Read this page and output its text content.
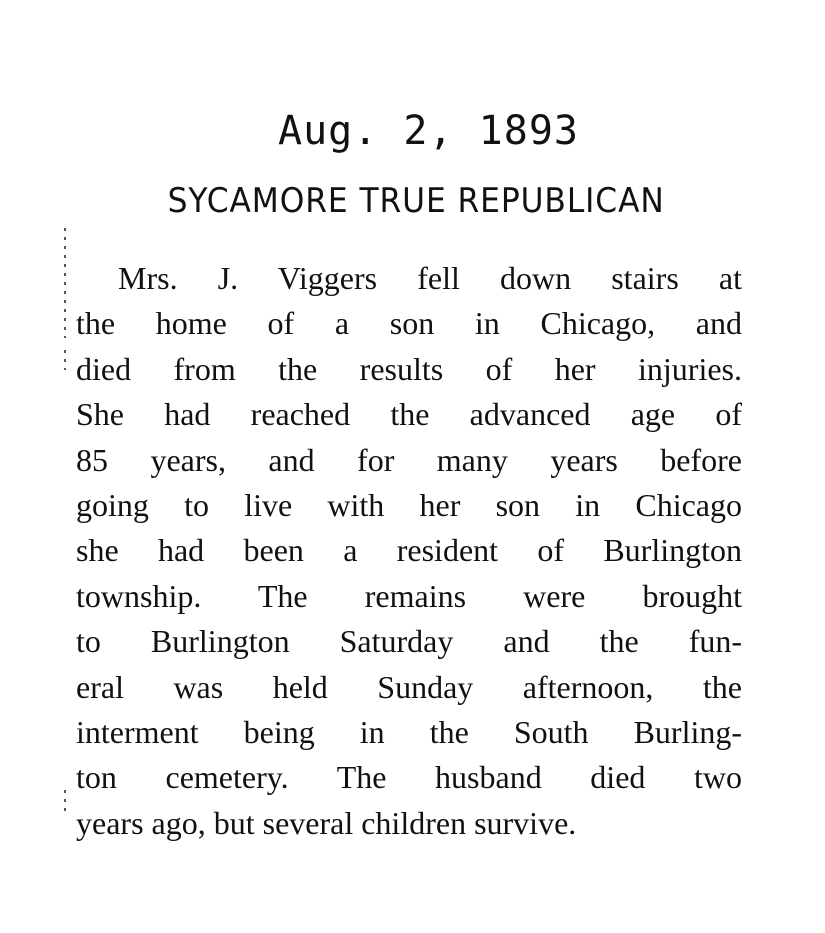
Aug. 2, 1893
SYCAMORE TRUE REPUBLICAN
Mrs. J. Viggers fell down stairs at
the home of a son in Chicago, and
died from the results of her injuries.
She had reached the advanced age of
85 years, and for many years before
going to live with her son in Chicago
she had been a resident of Burlington
township. The remains were brought
to Burlington Saturday and the fun-
eral was held Sunday afternoon, the
interment being in the South Burling-
ton cemetery. The husband died two
years ago, but several children survive.
